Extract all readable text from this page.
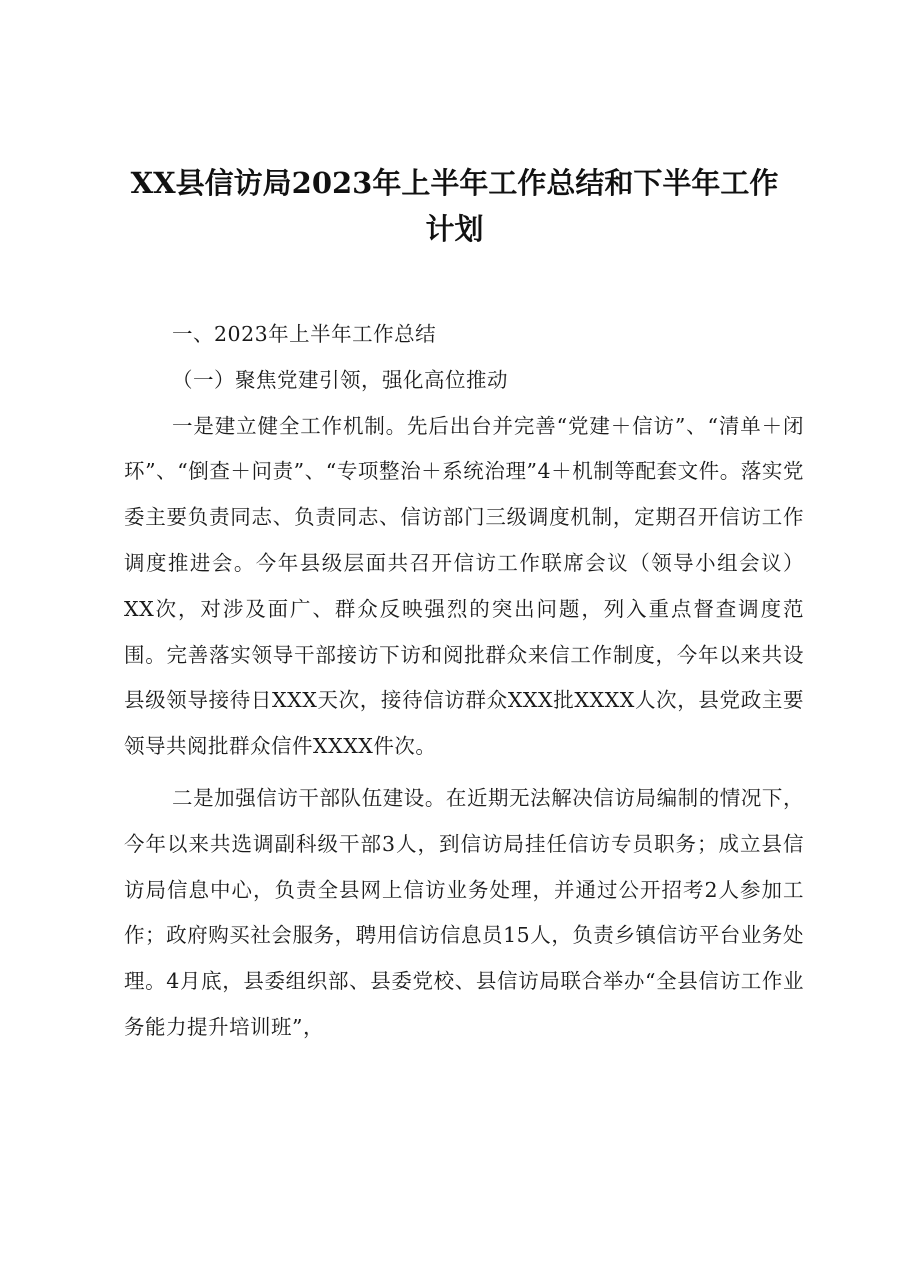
XX县信访局2023年上半年工作总结和下半年工作
计划

一、2023年上半年工作总结

（一）聚焦党建引领，强化高位推动

一是建立健全工作机制。先后出台并完善“党建＋信访”、“清单＋闭环”、“倒查＋问责”、“专项整治＋系统治理”4＋机制等配套文件。落实党委主要负责同志、负责同志、信访部门三级调度机制，定期召开信访工作调度推进会。今年县级层面共召开信访工作联席会议（领导小组会议）XX次，对涉及面广、群众反映强烈的突出问题，列入重点督查调度范围。完善落实领导干部接访下访和阅批群众来信工作制度，今年以来共设县级领导接待日XXX天次，接待信访群众XXX批XXXX人次，县党政主要领导共阅批群众信件XXXX件次。

二是加强信访干部队伍建设。在近期无法解决信访局编制的情况下，今年以来共选调副科级干部3人，到信访局挂任信访专员职务；成立县信访局信息中心，负责全县网上信访业务处理，并通过公开招考2人参加工作；政府购买社会服务，聘用信访信息员15人，负责乡镇信访平台业务处理。4月底，县委组织部、县委党校、县信访局联合举办“全县信访工作业务能力提升培训班”，
